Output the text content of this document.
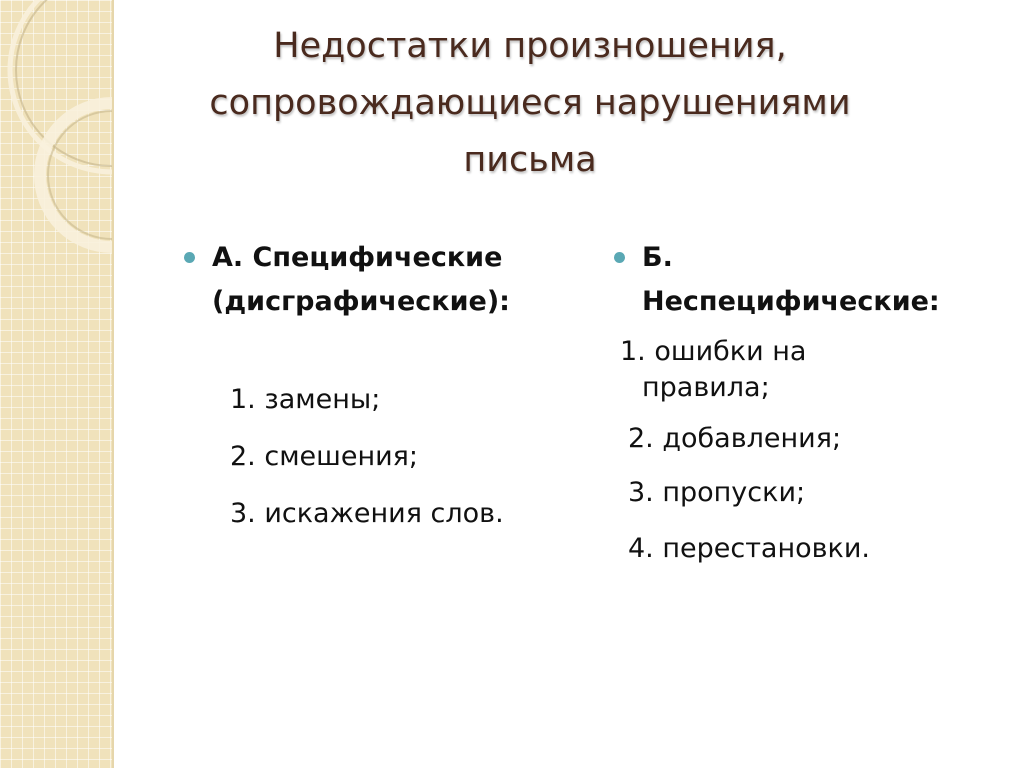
Недостатки произношения,
сопровождающиеся нарушениями
письма
А. Специфические
(дисграфические):
1. замены;
2. смешения;
3. искажения слов.
Б.
Неспецифические:
1. ошибки на
правила;
2. добавления;
3. пропуски;
4. перестановки.
